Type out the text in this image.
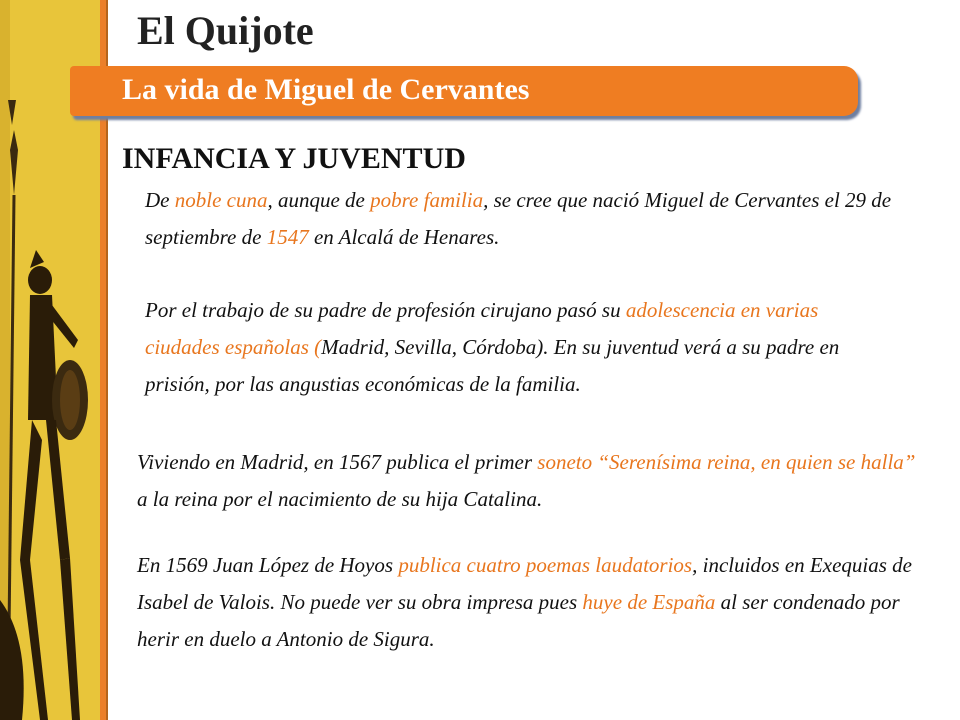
El Quijote
La vida de Miguel de Cervantes
INFANCIA Y JUVENTUD

De noble cuna, aunque de pobre familia, se cree que nació Miguel de Cervantes el 29 de septiembre de 1547 en Alcalá de Henares.

Por el trabajo de su padre de profesión cirujano pasó su adolescencia en varias ciudades españolas (Madrid, Sevilla, Córdoba). En su juventud verá a su padre en prisión, por las angustias económicas de la familia.

Viviendo en Madrid, en 1567 publica el primer soneto “Serenísima reina, en quien se halla” a la reina por el nacimiento de su hija Catalina.

En 1569 Juan López de Hoyos publica cuatro poemas laudatorios, incluidos en Exequias de Isabel de Valois. No puede ver su obra impresa pues huye de España al ser condenado por herir en duelo a Antonio de Sigura.
